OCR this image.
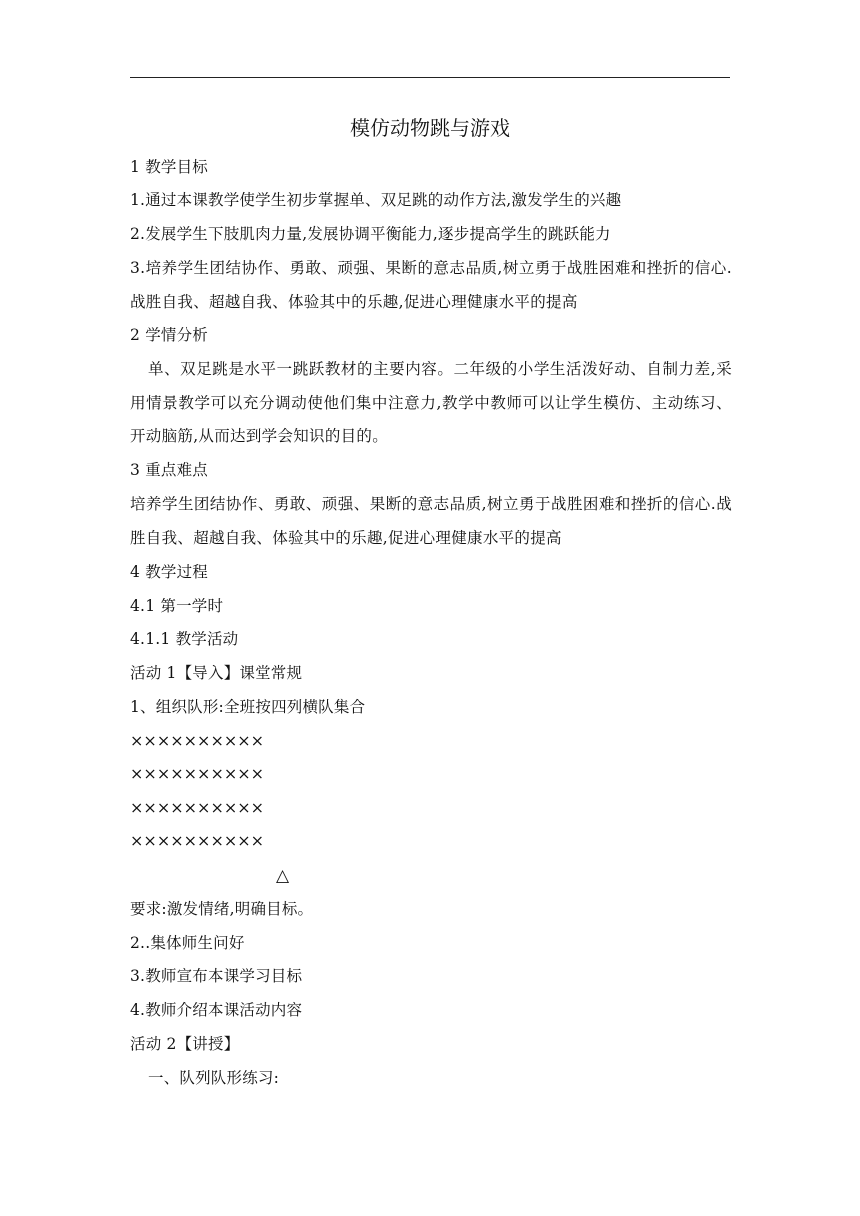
模仿动物跳与游戏
1 教学目标
1.通过本课教学使学生初步掌握单、双足跳的动作方法,激发学生的兴趣
2.发展学生下肢肌肉力量,发展协调平衡能力,逐步提高学生的跳跃能力
3.培养学生团结协作、勇敢、顽强、果断的意志品质,树立勇于战胜困难和挫折的信心.战胜自我、超越自我、体验其中的乐趣,促进心理健康水平的提高
2 学情分析
单、双足跳是水平一跳跃教材的主要内容。二年级的小学生活泼好动、自制力差,采用情景教学可以充分调动使他们集中注意力,教学中教师可以让学生模仿、主动练习、开动脑筋,从而达到学会知识的目的。
3 重点难点
培养学生团结协作、勇敢、顽强、果断的意志品质,树立勇于战胜困难和挫折的信心.战胜自我、超越自我、体验其中的乐趣,促进心理健康水平的提高
4 教学过程
4.1 第一学时
4.1.1 教学活动
活动 1【导入】课堂常规
1、组织队形:全班按四列横队集合
××××××××××
××××××××××
××××××××××
××××××××××
△
要求:激发情绪,明确目标。
2..集体师生问好
3.教师宣布本课学习目标
4.教师介绍本课活动内容
活动 2【讲授】
一、队列队形练习:
